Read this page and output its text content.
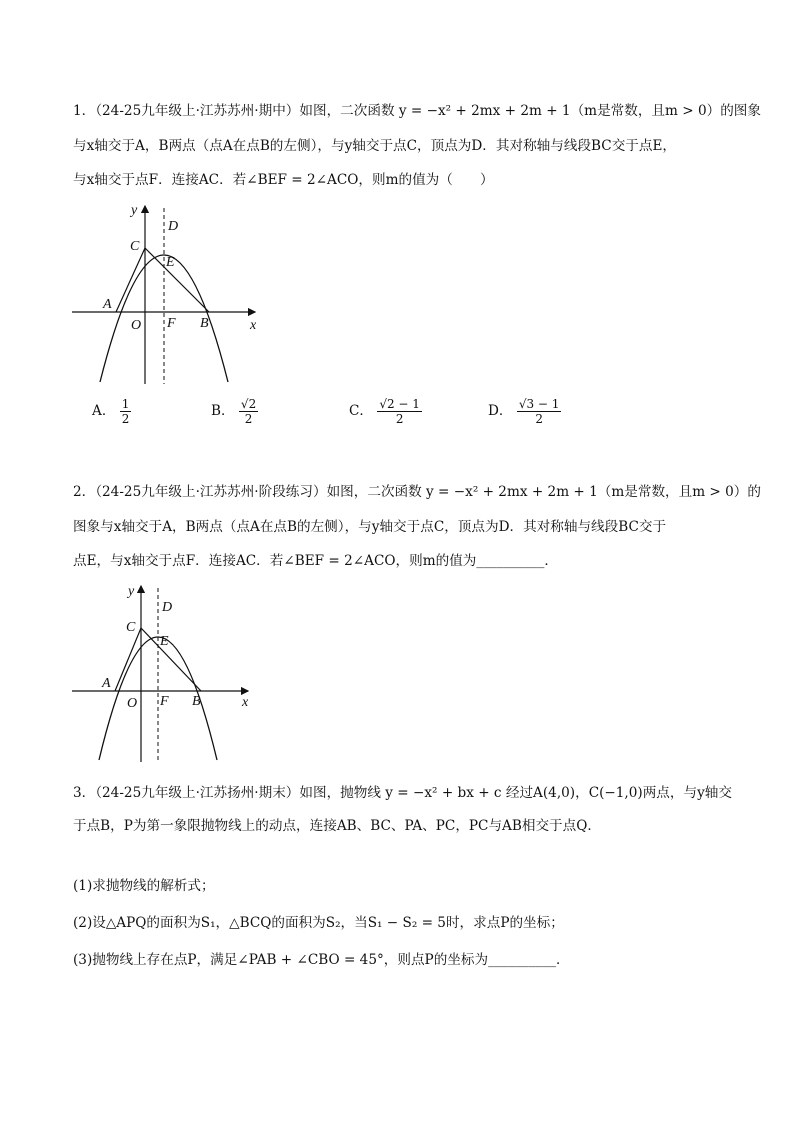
1．（24-25九年级上·江苏苏州·期中）如图，二次函数 y = −x² + 2mx + 2m + 1（m是常数，且m > 0）的图象
与x轴交于A，B两点（点A在点B的左侧），与y轴交于点C，顶点为D．其对称轴与线段BC交于点E，
与x轴交于点F．连接AC．若∠BEF = 2∠ACO，则m的值为（　　）
y
x
O
A
B
C
D
E
F
A． $\frac{1}{2}$	B． $\frac{√2}{2}$	C． $\frac{√2 - 1}{2}$	D． $\frac{√3 - 1}{2}$
2．（24-25九年级上·江苏苏州·阶段练习）如图，二次函数 y = −x² + 2mx + 2m + 1（m是常数，且m > 0）的
图象与x轴交于A，B两点（点A在点B的左侧），与y轴交于点C，顶点为D．其对称轴与线段BC交于
点E，与x轴交于点F．连接AC．若∠BEF = 2∠ACO，则m的值为__________．
y
x
O
A
B
C
D
E
F
3．（24-25九年级上·江苏扬州·期末）如图，抛物线 y = −x² + bx + c 经过A(4,0)，C(−1,0)两点，与y轴交
于点B，P为第一象限抛物线上的动点，连接AB、BC、PA、PC，PC与AB相交于点Q．
(1)求抛物线的解析式；
(2)设△APQ的面积为S₁，△BCQ的面积为S₂，当S₁ − S₂ = 5时，求点P的坐标；
(3)抛物线上存在点P，满足∠PAB + ∠CBO = 45°，则点P的坐标为__________．
